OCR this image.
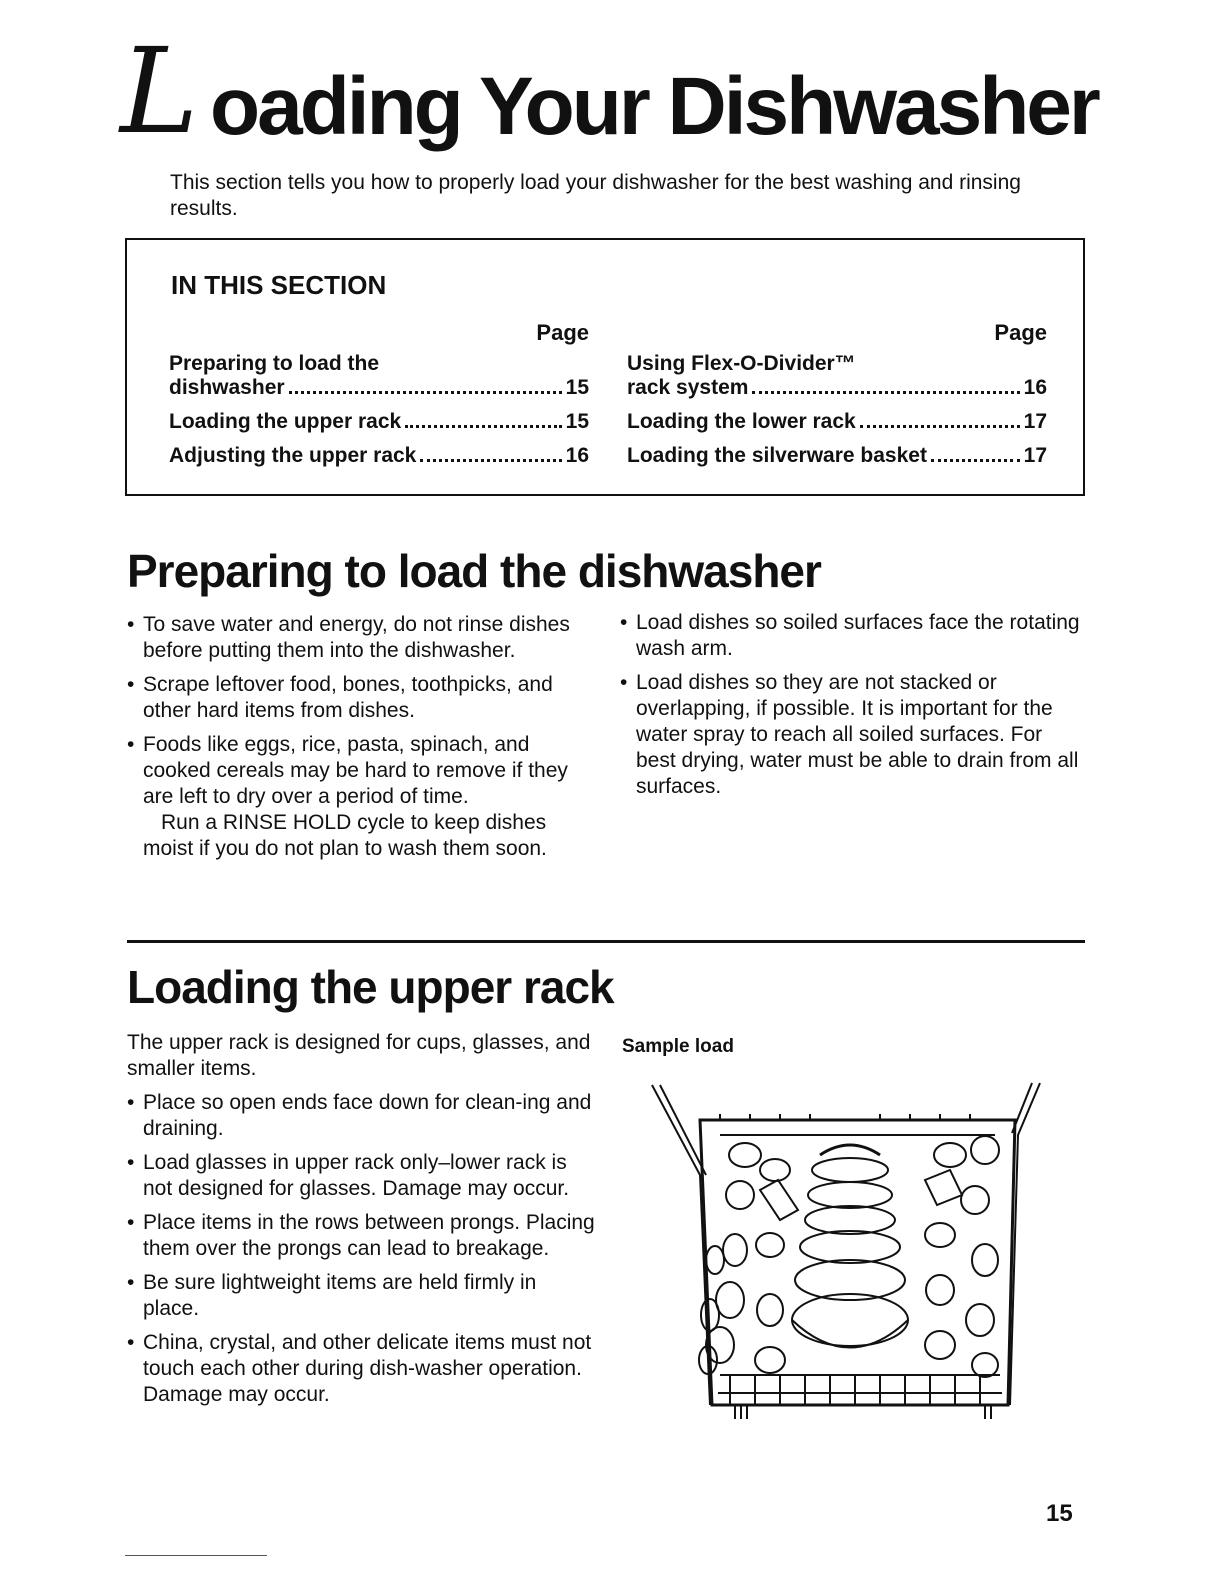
L oading Your Dishwasher

This section tells you how to properly load your dishwasher for the best washing and rinsing results.

IN THIS SECTION
Page
Preparing to load the
dishwasher	15
Loading the upper rack	15
Adjusting the upper rack	16
Page
Using Flex-O-Divider™
rack system	16
Loading the lower rack	17
Loading the silverware basket	17
Preparing to load the dishwasher
• To save water and energy, do not rinse dishes before putting them into the dishwasher.
• Scrape leftover food, bones, toothpicks, and other hard items from dishes.
• Foods like eggs, rice, pasta, spinach, and cooked cereals may be hard to remove if they are left to dry over a period of time.
Run a RINSE HOLD cycle to keep dishes moist if you do not plan to wash them soon.
• Load dishes so soiled surfaces face the rotating wash arm.
• Load dishes so they are not stacked or overlapping, if possible. It is important for the water spray to reach all soiled surfaces. For best drying, water must be able to drain from all surfaces.
Loading the upper rack

The upper rack is designed for cups, glasses, and smaller items.

• Place so open ends face down for clean-ing and draining.
• Load glasses in upper rack only–lower rack is not designed for glasses. Damage may occur.
• Place items in the rows between prongs. Placing them over the prongs can lead to breakage.
• Be sure lightweight items are held firmly in place.
• China, crystal, and other delicate items must not touch each other during dish-washer operation. Damage may occur.
Sample load
15
